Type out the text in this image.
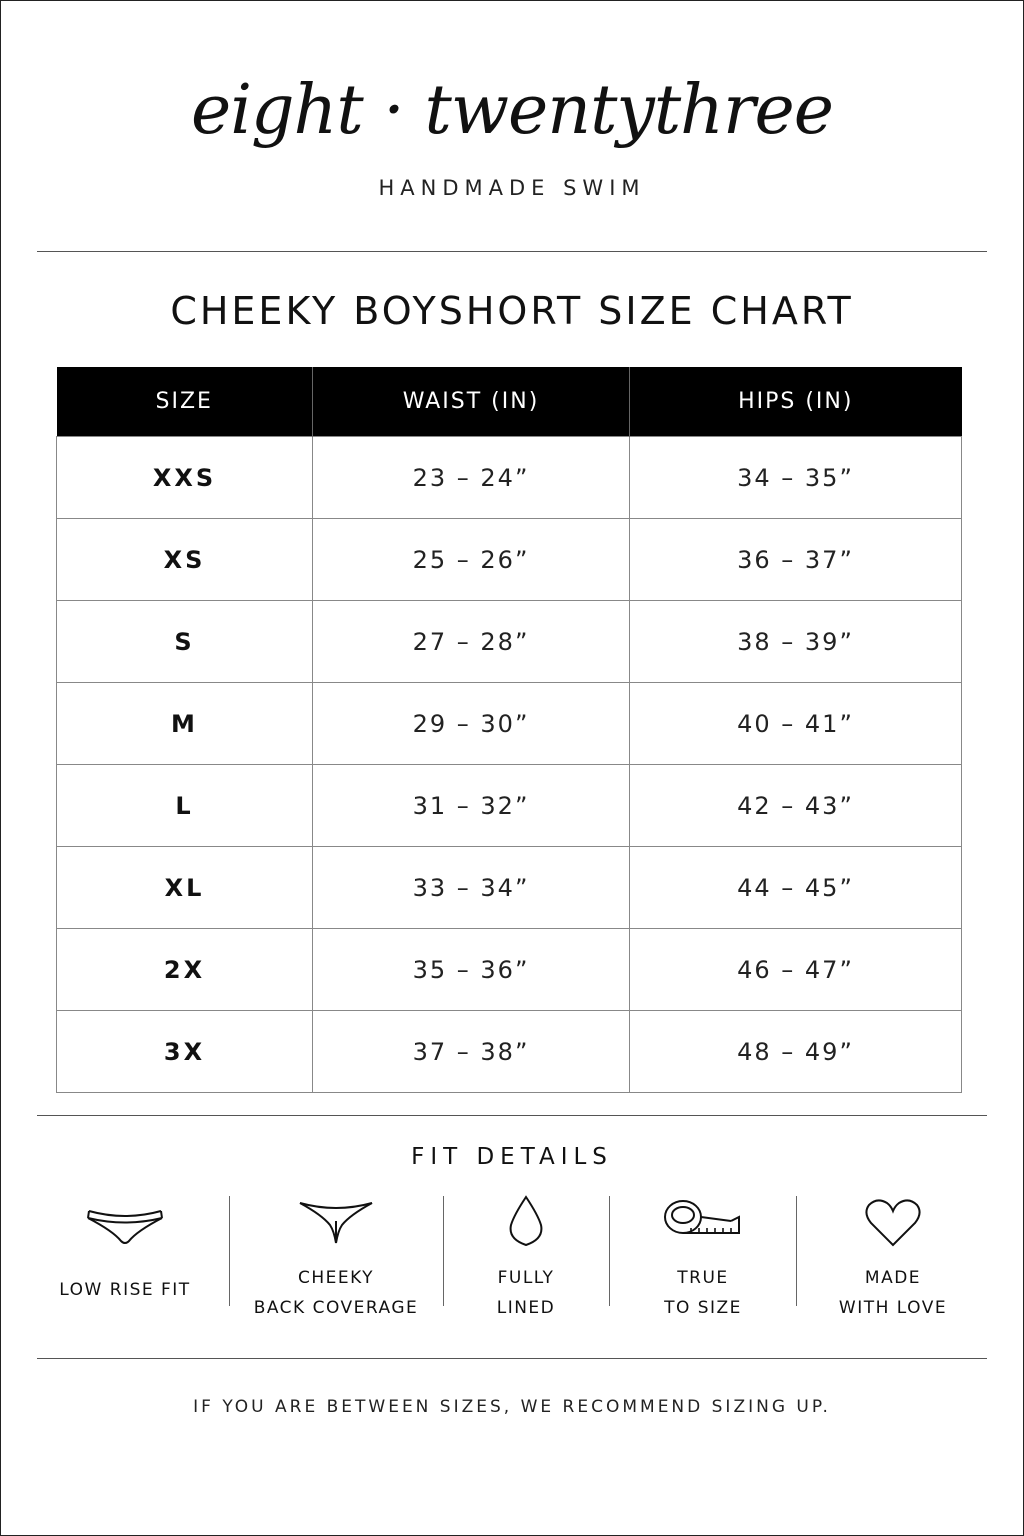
eight · twentythree
HANDMADE SWIM
CHEEKY BOYSHORT SIZE CHART
SIZE	WAIST (IN)	HIPS (IN)
XXS	23 – 24”	34 – 35”
XS	25 – 26”	36 – 37”
S	27 – 28”	38 – 39”
M	29 – 30”	40 – 41”
L	31 – 32”	42 – 43”
XL	33 – 34”	44 – 45”
2X	35 – 36”	46 – 47”
3X	37 – 38”	48 – 49”
FIT DETAILS
LOW RISE FIT
CHEEKY
BACK COVERAGE
FULLY
LINED
TRUE
TO SIZE
MADE
WITH LOVE
IF YOU ARE BETWEEN SIZES, WE RECOMMEND SIZING UP.
